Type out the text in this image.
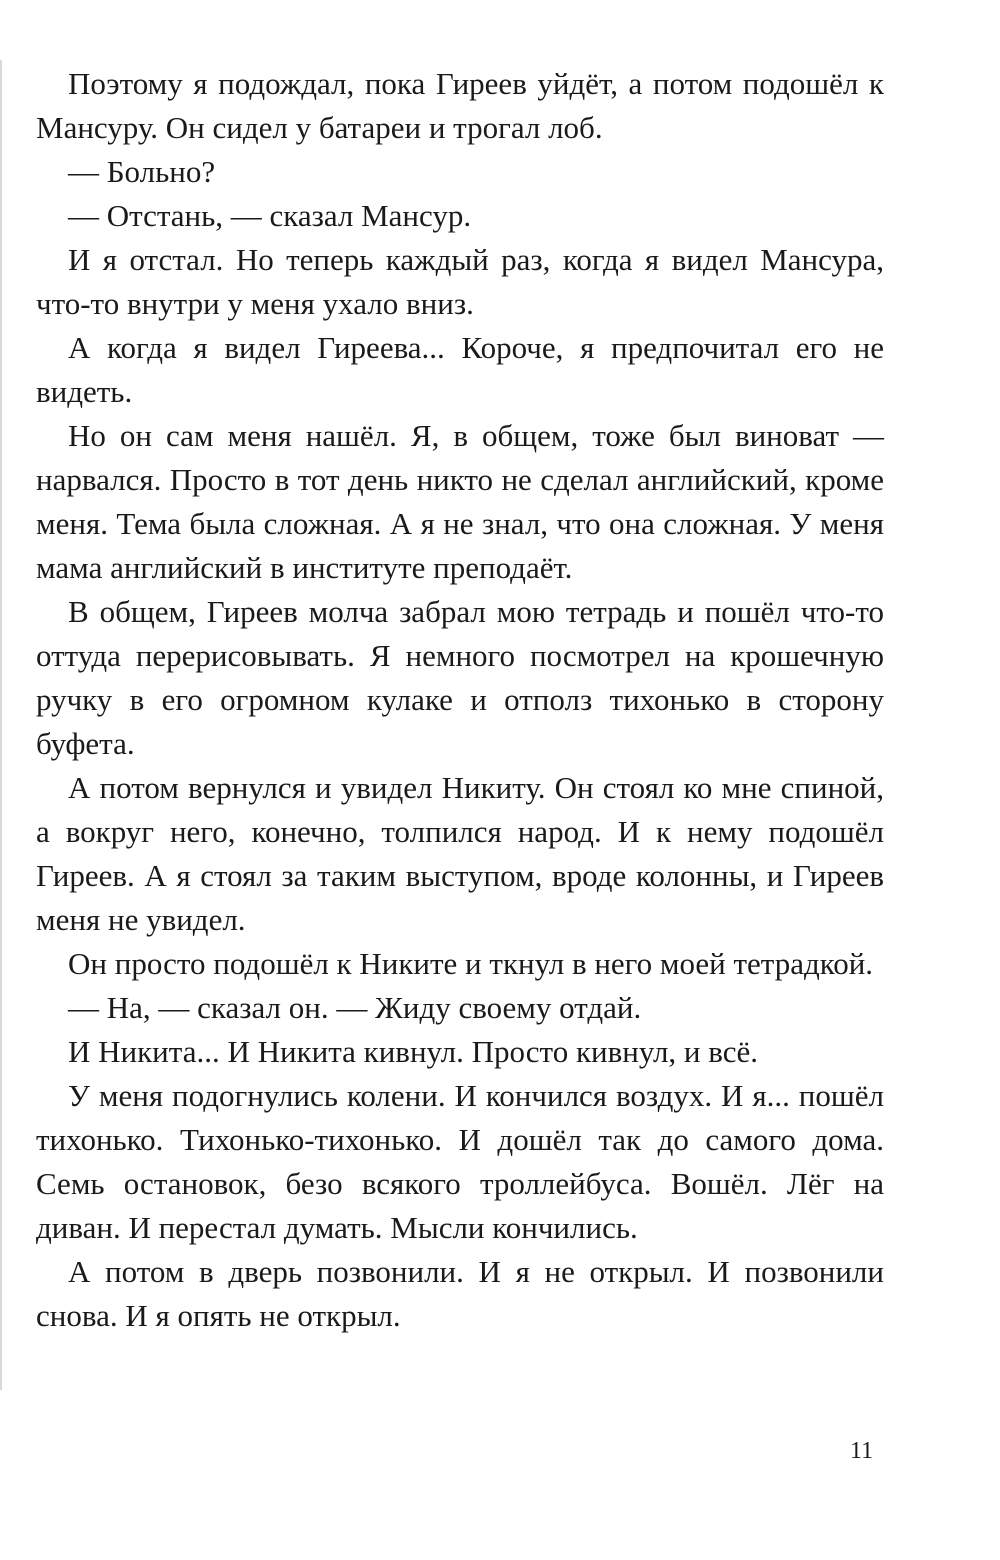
Поэтому я подождал, пока Гиреев уйдёт, а потом подошёл к Мансуру. Он сидел у батареи и трогал лоб.

— Больно?

— Отстань, — сказал Мансур.

И я отстал. Но теперь каждый раз, когда я видел Мансура, что-то внутри у меня ухало вниз.

А когда я видел Гиреева... Короче, я предпочитал его не видеть.

Но он сам меня нашёл. Я, в общем, тоже был виноват — нарвался. Просто в тот день никто не сделал английский, кроме меня. Тема была сложная. А я не знал, что она сложная. У меня мама английский в институте преподаёт.

В общем, Гиреев молча забрал мою тетрадь и пошёл что-то оттуда перерисовывать. Я немного посмотрел на крошечную ручку в его огромном кулаке и отполз тихонько в сторону буфета.

А потом вернулся и увидел Никиту. Он стоял ко мне спиной, а вокруг него, конечно, толпился народ. И к нему подошёл Гиреев. А я стоял за таким выступом, вроде колонны, и Гиреев меня не увидел.

Он просто подошёл к Никите и ткнул в него моей тетрадкой.

— На, — сказал он. — Жиду своему отдай.

И Никита... И Никита кивнул. Просто кивнул, и всё.

У меня подогнулись колени. И кончился воздух. И я... пошёл тихонько. Тихонько-тихонько. И дошёл так до самого дома. Семь остановок, безо всякого троллейбуса. Вошёл. Лёг на диван. И перестал думать. Мысли кончились.

А потом в дверь позвонили. И я не открыл. И позвонили снова. И я опять не открыл.

11
